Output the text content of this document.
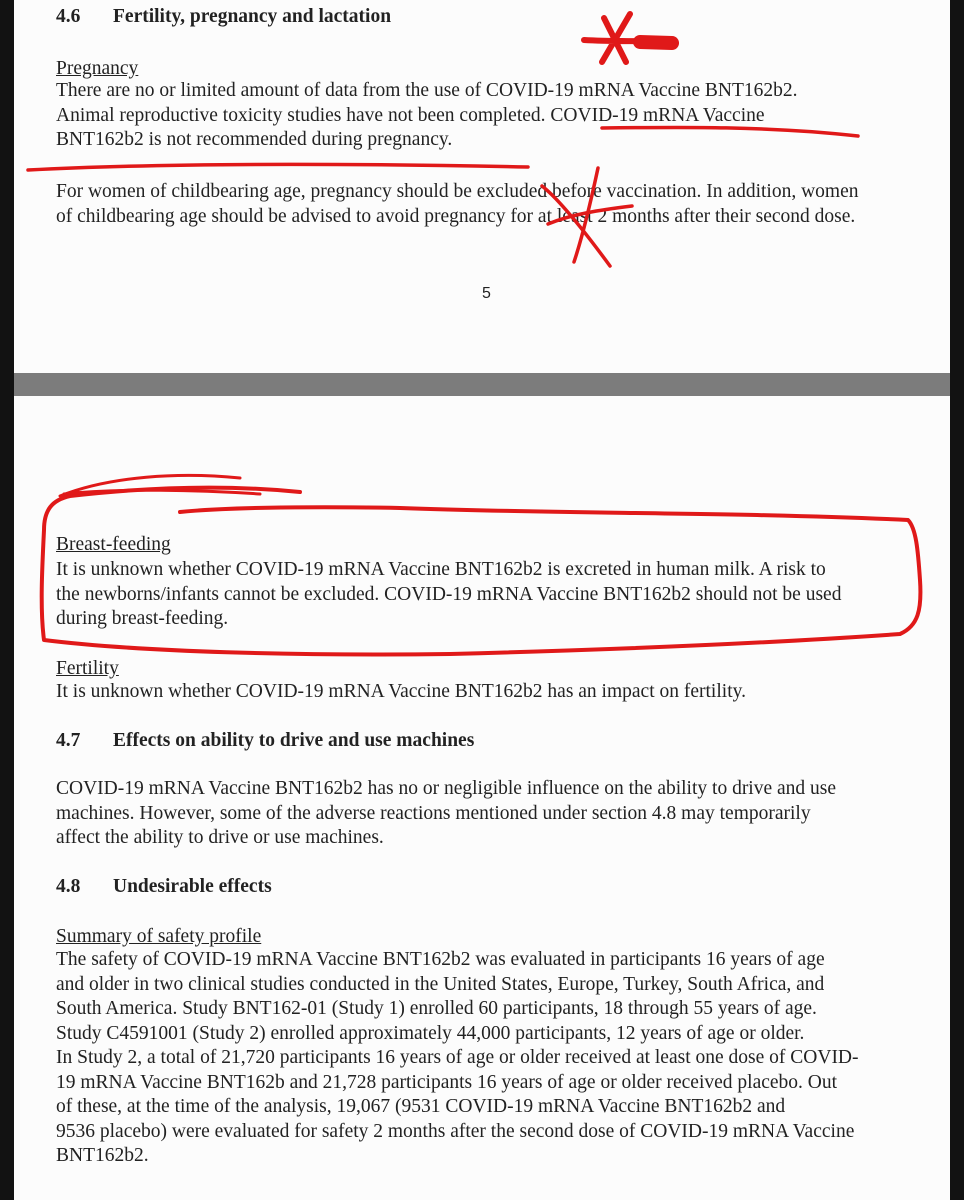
4.6 Fertility, pregnancy and lactation
Pregnancy

There are no or limited amount of data from the use of COVID-19 mRNA Vaccine BNT162b2.
Animal reproductive toxicity studies have not been completed. COVID-19 mRNA Vaccine
BNT162b2 is not recommended during pregnancy.

For women of childbearing age, pregnancy should be excluded before vaccination. In addition, women
of childbearing age should be advised to avoid pregnancy for at least 2 months after their second dose.

5
Breast-feeding

It is unknown whether COVID-19 mRNA Vaccine BNT162b2 is excreted in human milk. A risk to
the newborns/infants cannot be excluded. COVID-19 mRNA Vaccine BNT162b2 should not be used
during breast-feeding.

Fertility

It is unknown whether COVID-19 mRNA Vaccine BNT162b2 has an impact on fertility.

4.7 Effects on ability to drive and use machines

COVID-19 mRNA Vaccine BNT162b2 has no or negligible influence on the ability to drive and use
machines. However, some of the adverse reactions mentioned under section 4.8 may temporarily
affect the ability to drive or use machines.

4.8 Undesirable effects
Summary of safety profile

The safety of COVID-19 mRNA Vaccine BNT162b2 was evaluated in participants 16 years of age
and older in two clinical studies conducted in the United States, Europe, Turkey, South Africa, and
South America. Study BNT162-01 (Study 1) enrolled 60 participants, 18 through 55 years of age.
Study C4591001 (Study 2) enrolled approximately 44,000 participants, 12 years of age or older.
In Study 2, a total of 21,720 participants 16 years of age or older received at least one dose of COVID-
19 mRNA Vaccine BNT162b and 21,728 participants 16 years of age or older received placebo. Out
of these, at the time of the analysis, 19,067 (9531 COVID-19 mRNA Vaccine BNT162b2 and
9536 placebo) were evaluated for safety 2 months after the second dose of COVID-19 mRNA Vaccine
BNT162b2.
